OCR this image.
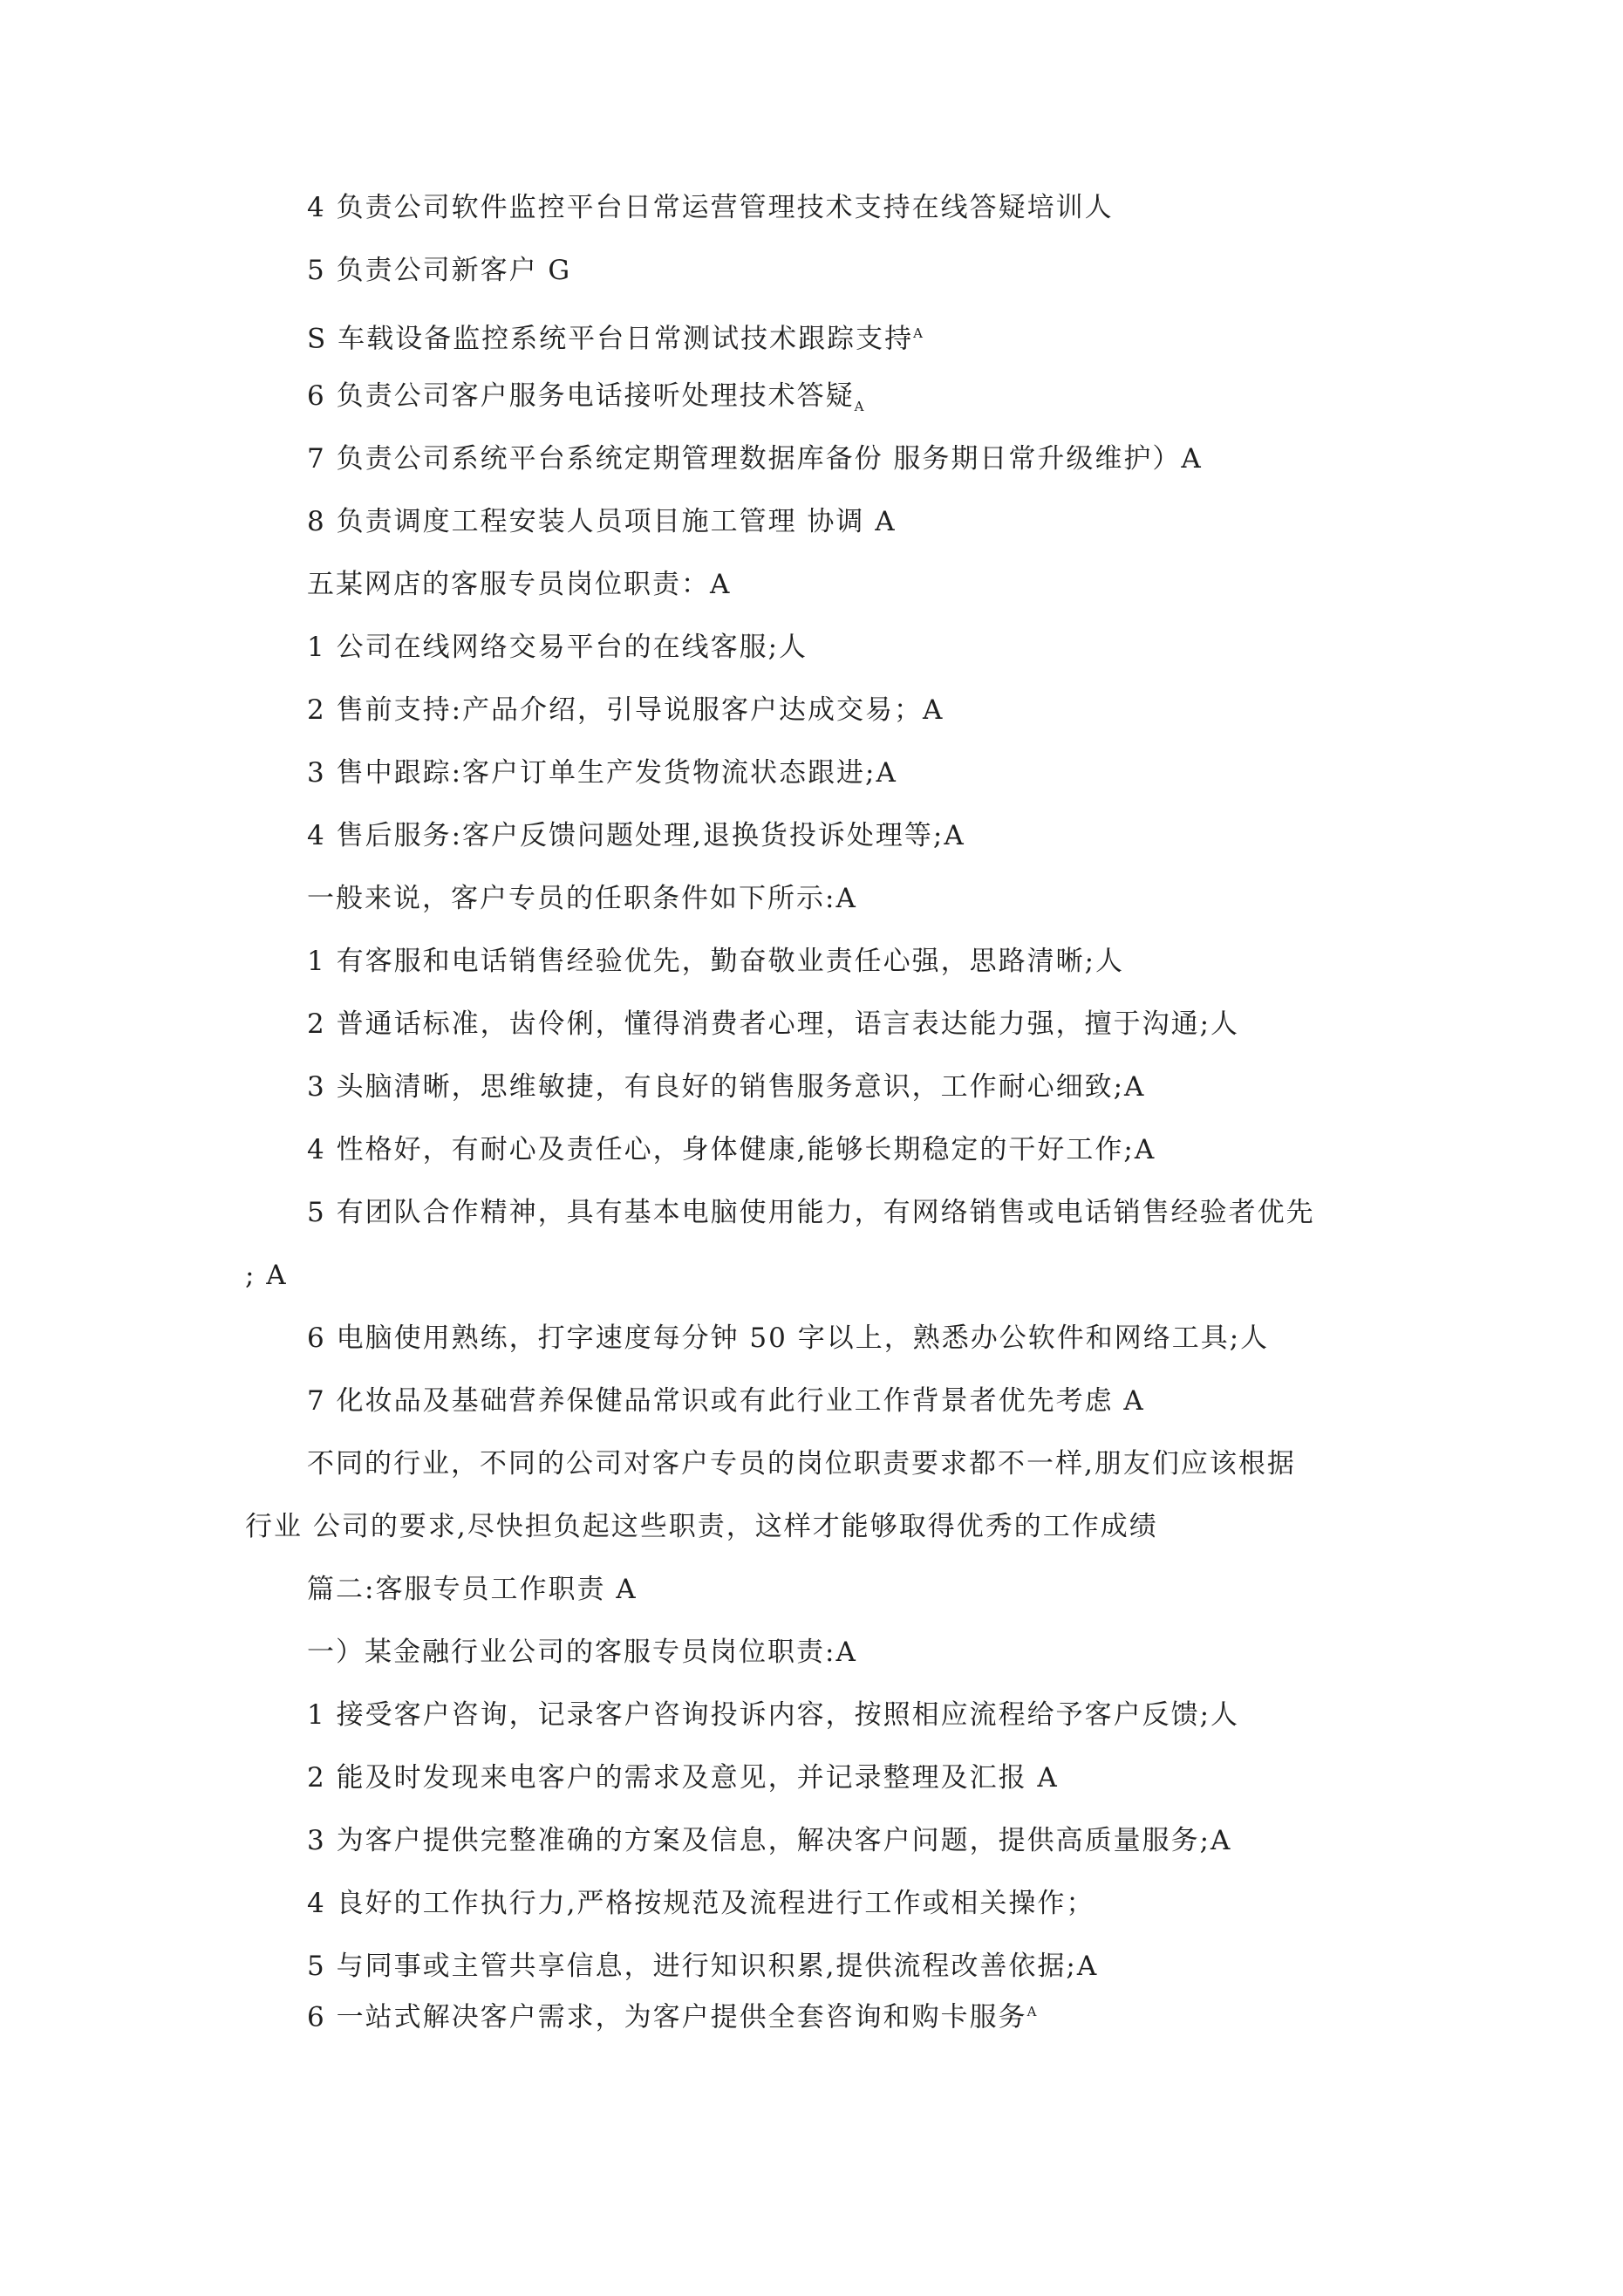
4 负责公司软件监控平台日常运营管理技术支持在线答疑培训人
5 负责公司新客户 G
S 车载设备监控系统平台日常测试技术跟踪支持$^A$
6 负责公司客户服务电话接听处理技术答疑$_A$
7 负责公司系统平台系统定期管理数据库备份 服务期日常升级维护）A
8 负责调度工程安装人员项目施工管理 协调 A
五某网店的客服专员岗位职责：A
1 公司在线网络交易平台的在线客服;人
2 售前支持:产品介绍，引导说服客户达成交易；A
3 售中跟踪:客户订单生产发货物流状态跟进;A
4 售后服务:客户反馈问题处理,退换货投诉处理等;A
一般来说，客户专员的任职条件如下所示:A
1 有客服和电话销售经验优先，勤奋敬业责任心强，思路清晰;人
2 普通话标准，齿伶俐，懂得消费者心理，语言表达能力强，擅于沟通;人
3 头脑清晰，思维敏捷，有良好的销售服务意识，工作耐心细致;A
4 性格好，有耐心及责任心，身体健康,能够长期稳定的干好工作;A
5 有团队合作精神，具有基本电脑使用能力，有网络销售或电话销售经验者优先
; A
6 电脑使用熟练，打字速度每分钟 50 字以上，熟悉办公软件和网络工具;人
7 化妆品及基础营养保健品常识或有此行业工作背景者优先考虑 A
不同的行业，不同的公司对客户专员的岗位职责要求都不一样,朋友们应该根据
行业 公司的要求,尽快担负起这些职责，这样才能够取得优秀的工作成绩
篇二:客服专员工作职责 A
一）某金融行业公司的客服专员岗位职责:A
1 接受客户咨询，记录客户咨询投诉内容，按照相应流程给予客户反馈;人
2 能及时发现来电客户的需求及意见，并记录整理及汇报 A
3 为客户提供完整准确的方案及信息，解决客户问题，提供高质量服务;A
4 良好的工作执行力,严格按规范及流程进行工作或相关操作；
5 与同事或主管共享信息，进行知识积累,提供流程改善依据;A
6 一站式解决客户需求，为客户提供全套咨询和购卡服务$^A$
